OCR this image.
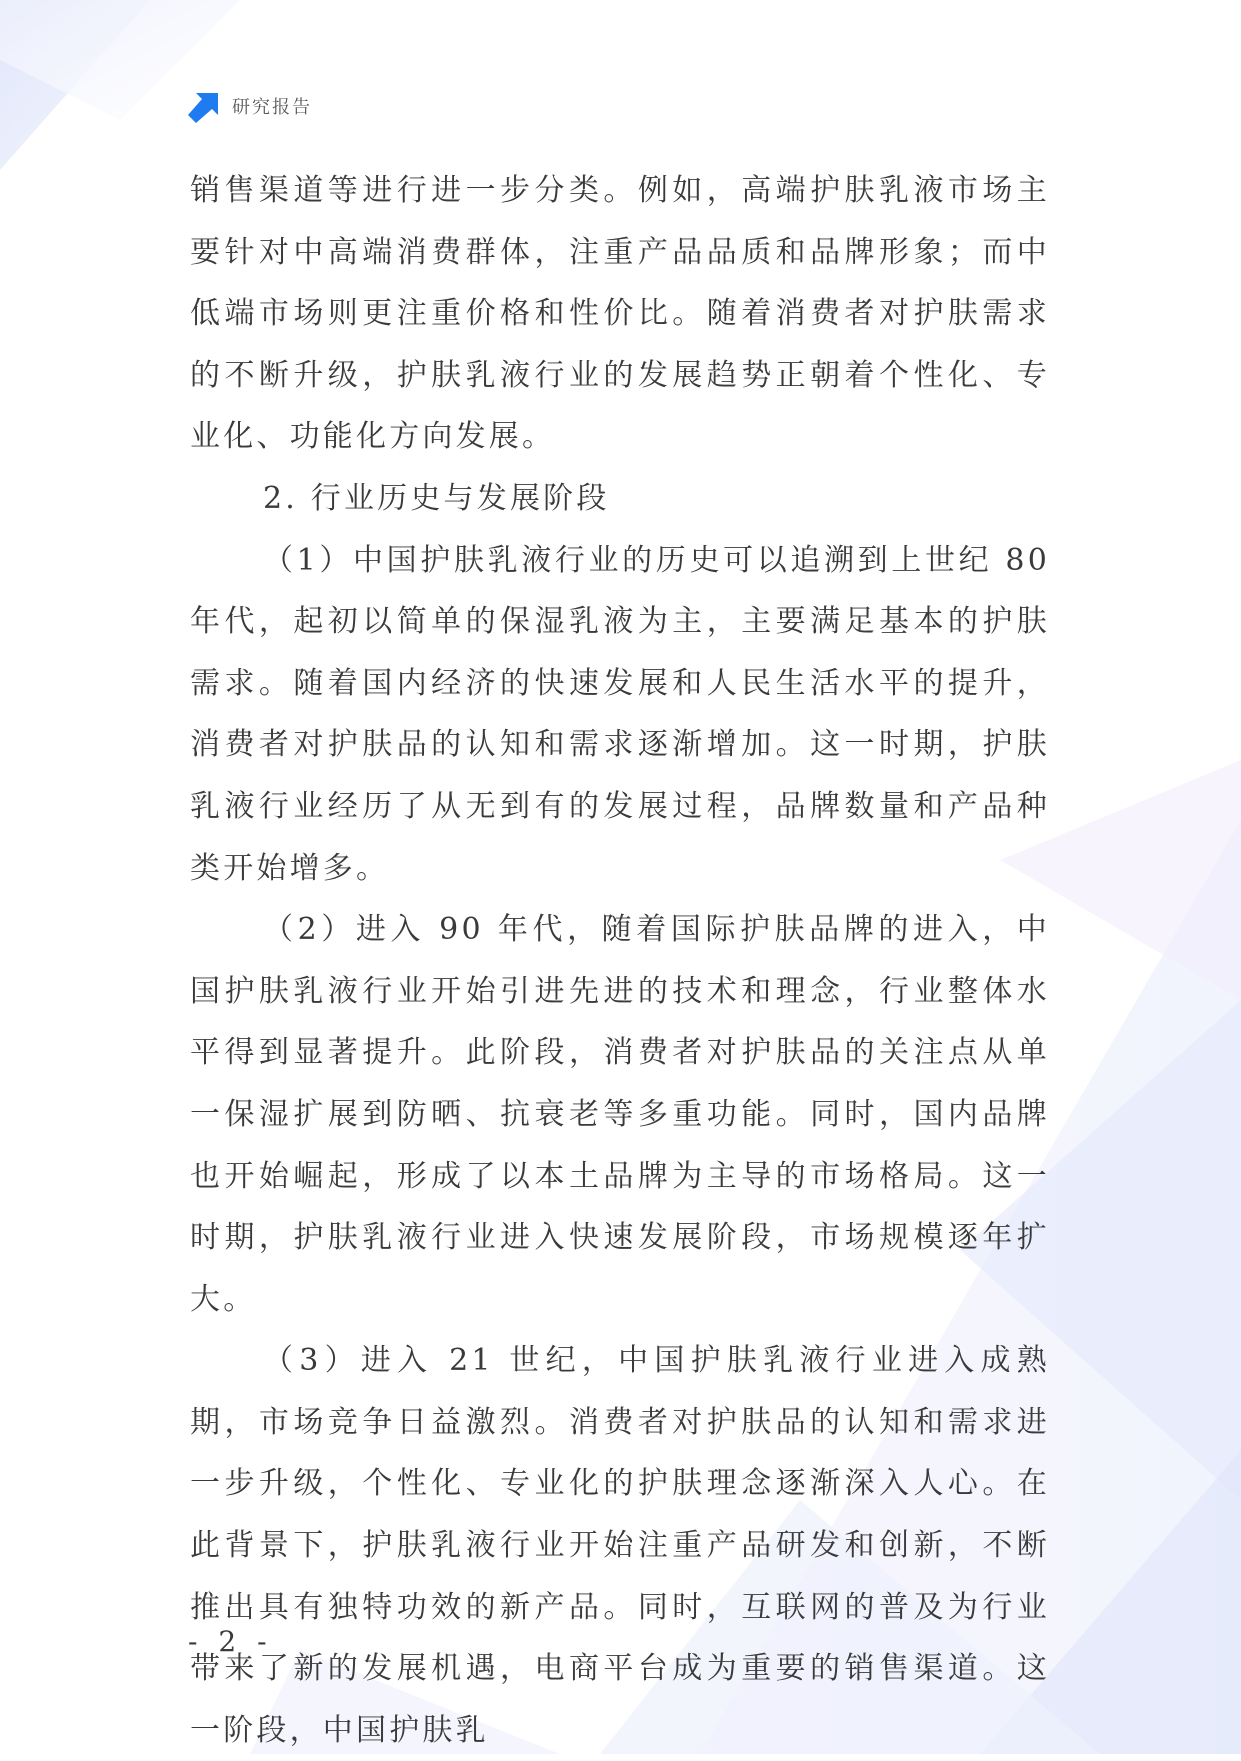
研究报告

销售渠道等进行进一步分类。例如，高端护肤乳液市场主要针对中高端消费群体，注重产品品质和品牌形象；而中低端市场则更注重价格和性价比。随着消费者对护肤需求的不断升级，护肤乳液行业的发展趋势正朝着个性化、专业化、功能化方向发展。

2. 行业历史与发展阶段

（1）中国护肤乳液行业的历史可以追溯到上世纪 80 年代，起初以简单的保湿乳液为主，主要满足基本的护肤需求。随着国内经济的快速发展和人民生活水平的提升，消费者对护肤品的认知和需求逐渐增加。这一时期，护肤乳液行业经历了从无到有的发展过程，品牌数量和产品种类开始增多。

（2）进入 90 年代，随着国际护肤品牌的进入，中国护肤乳液行业开始引进先进的技术和理念，行业整体水平得到显著提升。此阶段，消费者对护肤品的关注点从单一保湿扩展到防晒、抗衰老等多重功能。同时，国内品牌也开始崛起，形成了以本土品牌为主导的市场格局。这一时期，护肤乳液行业进入快速发展阶段，市场规模逐年扩大。

（3）进入 21 世纪，中国护肤乳液行业进入成熟期，市场竞争日益激烈。消费者对护肤品的认知和需求进一步升级，个性化、专业化的护肤理念逐渐深入人心。在此背景下，护肤乳液行业开始注重产品研发和创新，不断推出具有独特功效的新产品。同时，互联网的普及为行业带来了新的发展机遇，电商平台成为重要的销售渠道。这一阶段，中国护肤乳

- 2 -
